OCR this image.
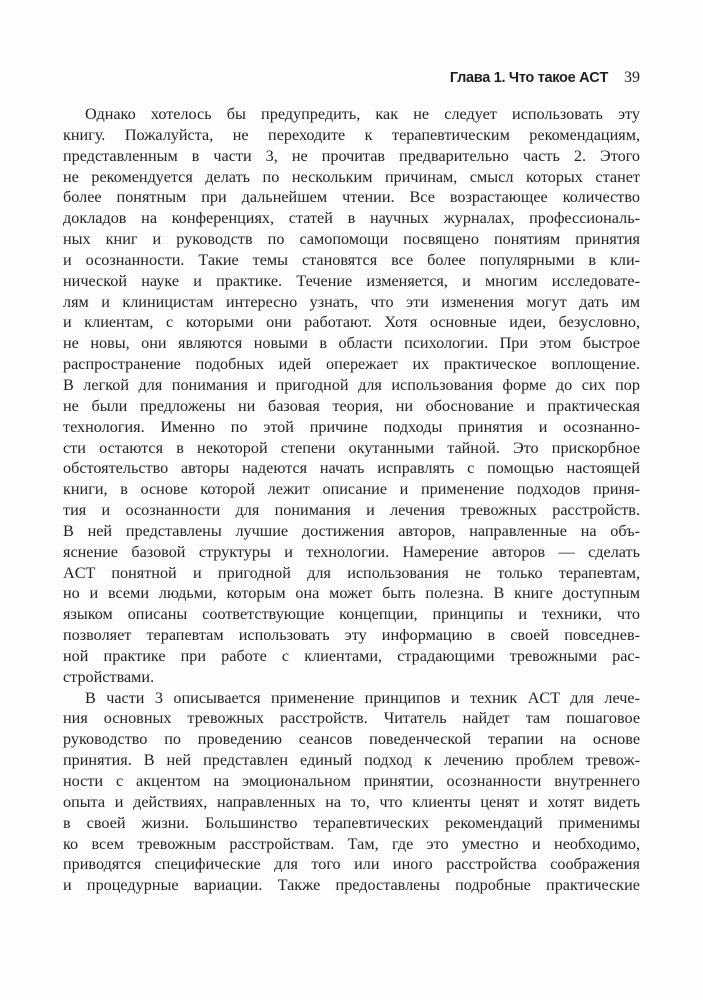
Глава 1. Что такое ACT 39
Однако хотелось бы предупредить, как не следует использовать эту
книгу. Пожалуйста, не переходите к терапевтическим рекомендациям,
представленным в части 3, не прочитав предварительно часть 2. Этого
не рекомендуется делать по нескольким причинам, смысл которых станет
более понятным при дальнейшем чтении. Все возрастающее количество
докладов на конференциях, статей в научных журналах, профессиональ-
ных книг и руководств по самопомощи посвящено понятиям принятия
и осознанности. Такие темы становятся все более популярными в кли-
нической науке и практике. Течение изменяется, и многим исследовате-
лям и клиницистам интересно узнать, что эти изменения могут дать им
и клиентам, с которыми они работают. Хотя основные идеи, безусловно,
не новы, они являются новыми в области психологии. При этом быстрое
распространение подобных идей опережает их практическое воплощение.
В легкой для понимания и пригодной для использования форме до сих пор
не были предложены ни базовая теория, ни обоснование и практическая
технология. Именно по этой причине подходы принятия и осознанно-
сти остаются в некоторой степени окутанными тайной. Это прискорбное
обстоятельство авторы надеются начать исправлять с помощью настоящей
книги, в основе которой лежит описание и применение подходов приня-
тия и осознанности для понимания и лечения тревожных расстройств.
В ней представлены лучшие достижения авторов, направленные на объ-
яснение базовой структуры и технологии. Намерение авторов — сделать
ACT понятной и пригодной для использования не только терапевтам,
но и всеми людьми, которым она может быть полезна. В книге доступным
языком описаны соответствующие концепции, принципы и техники, что
позволяет терапевтам использовать эту информацию в своей повседнев-
ной практике при работе с клиентами, страдающими тревожными рас-
стройствами.
В части 3 описывается применение принципов и техник ACT для лече-
ния основных тревожных расстройств. Читатель найдет там пошаговое
руководство по проведению сеансов поведенческой терапии на основе
принятия. В ней представлен единый подход к лечению проблем тревож-
ности с акцентом на эмоциональном принятии, осознанности внутреннего
опыта и действиях, направленных на то, что клиенты ценят и хотят видеть
в своей жизни. Большинство терапевтических рекомендаций применимы
ко всем тревожным расстройствам. Там, где это уместно и необходимо,
приводятся специфические для того или иного расстройства соображения
и процедурные вариации. Также предоставлены подробные практические
